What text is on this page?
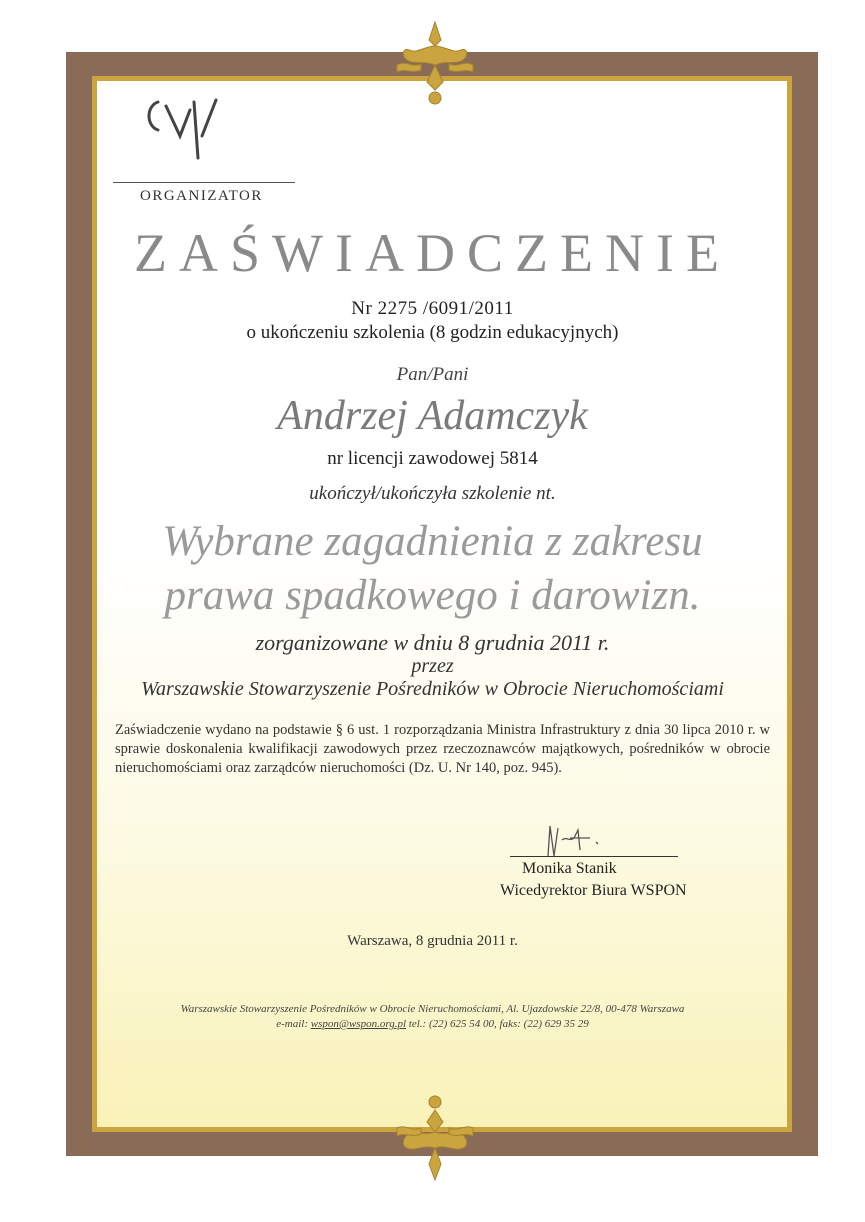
ORGANIZATOR
ZAŚWIADCZENIE
Nr 2275 /6091/2011
o ukończeniu szkolenia (8 godzin edukacyjnych)
Pan/Pani
Andrzej Adamczyk
nr licencji zawodowej 5814
ukończył/ukończyła szkolenie nt.
Wybrane zagadnienia z zakresu
prawa spadkowego i darowizn.
zorganizowane w dniu 8 grudnia 2011 r.
przez
Warszawskie Stowarzyszenie Pośredników w Obrocie Nieruchomościami
Zaświadczenie wydano na podstawie § 6 ust. 1 rozporządzania Ministra Infrastruktury z dnia 30 lipca 2010 r. w sprawie doskonalenia kwalifikacji zawodowych przez rzeczoznawców majątkowych, pośredników w obrocie nieruchomościami oraz zarządców nieruchomości (Dz. U. Nr 140, poz. 945).
Monika Stanik
Wicedyrektor Biura WSPON
Warszawa, 8 grudnia 2011 r.
Warszawskie Stowarzyszenie Pośredników w Obrocie Nieruchomościami, Al. Ujazdowskie 22/8, 00-478 Warszawa
e-mail: wspon@wspon.org.pl tel.: (22) 625 54 00, faks: (22) 629 35 29
